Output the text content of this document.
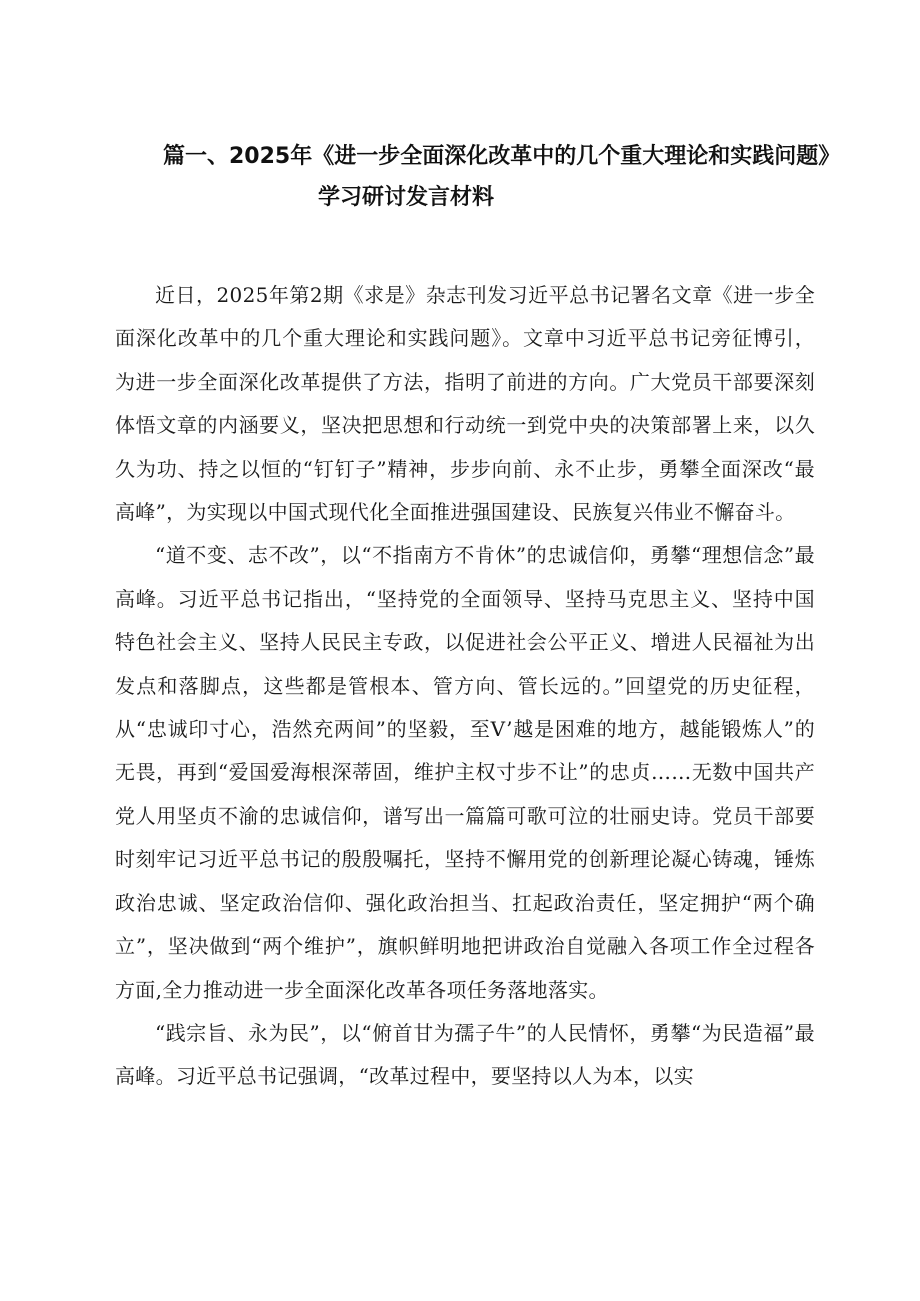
篇一、2025年《进一步全面深化改革中的几个重大理论和实践问题》
学习研讨发言材料

近日，2025年第2期《求是》杂志刊发习近平总书记署名文章《进一步全面深化改革中的几个重大理论和实践问题》。文章中习近平总书记旁征博引，为进一步全面深化改革提供了方法，指明了前进的方向。广大党员干部要深刻体悟文章的内涵要义，坚决把思想和行动统一到党中央的决策部署上来，以久久为功、持之以恒的“钉钉子”精神，步步向前、永不止步，勇攀全面深改“最高峰”，为实现以中国式现代化全面推进强国建设、民族复兴伟业不懈奋斗。

“道不变、志不改”，以“不指南方不肯休”的忠诚信仰，勇攀“理想信念”最高峰。习近平总书记指出，“坚持党的全面领导、坚持马克思主义、坚持中国特色社会主义、坚持人民民主专政，以促进社会公平正义、增进人民福祉为出发点和落脚点，这些都是管根本、管方向、管长远的。”回望党的历史征程，从“忠诚印寸心，浩然充两间”的坚毅，至V’越是困难的地方，越能锻炼人”的无畏，再到“爱国爱海根深蒂固，维护主权寸步不让”的忠贞……无数中国共产党人用坚贞不渝的忠诚信仰，谱写出一篇篇可歌可泣的壮丽史诗。党员干部要时刻牢记习近平总书记的殷殷嘱托，坚持不懈用党的创新理论凝心铸魂，锤炼政治忠诚、坚定政治信仰、强化政治担当、扛起政治责任，坚定拥护“两个确立”，坚决做到“两个维护”，旗帜鲜明地把讲政治自觉融入各项工作全过程各方面,全力推动进一步全面深化改革各项任务落地落实。

“践宗旨、永为民”，以“俯首甘为孺子牛”的人民情怀，勇攀“为民造福”最高峰。习近平总书记强调，“改革过程中，要坚持以人为本，以实
